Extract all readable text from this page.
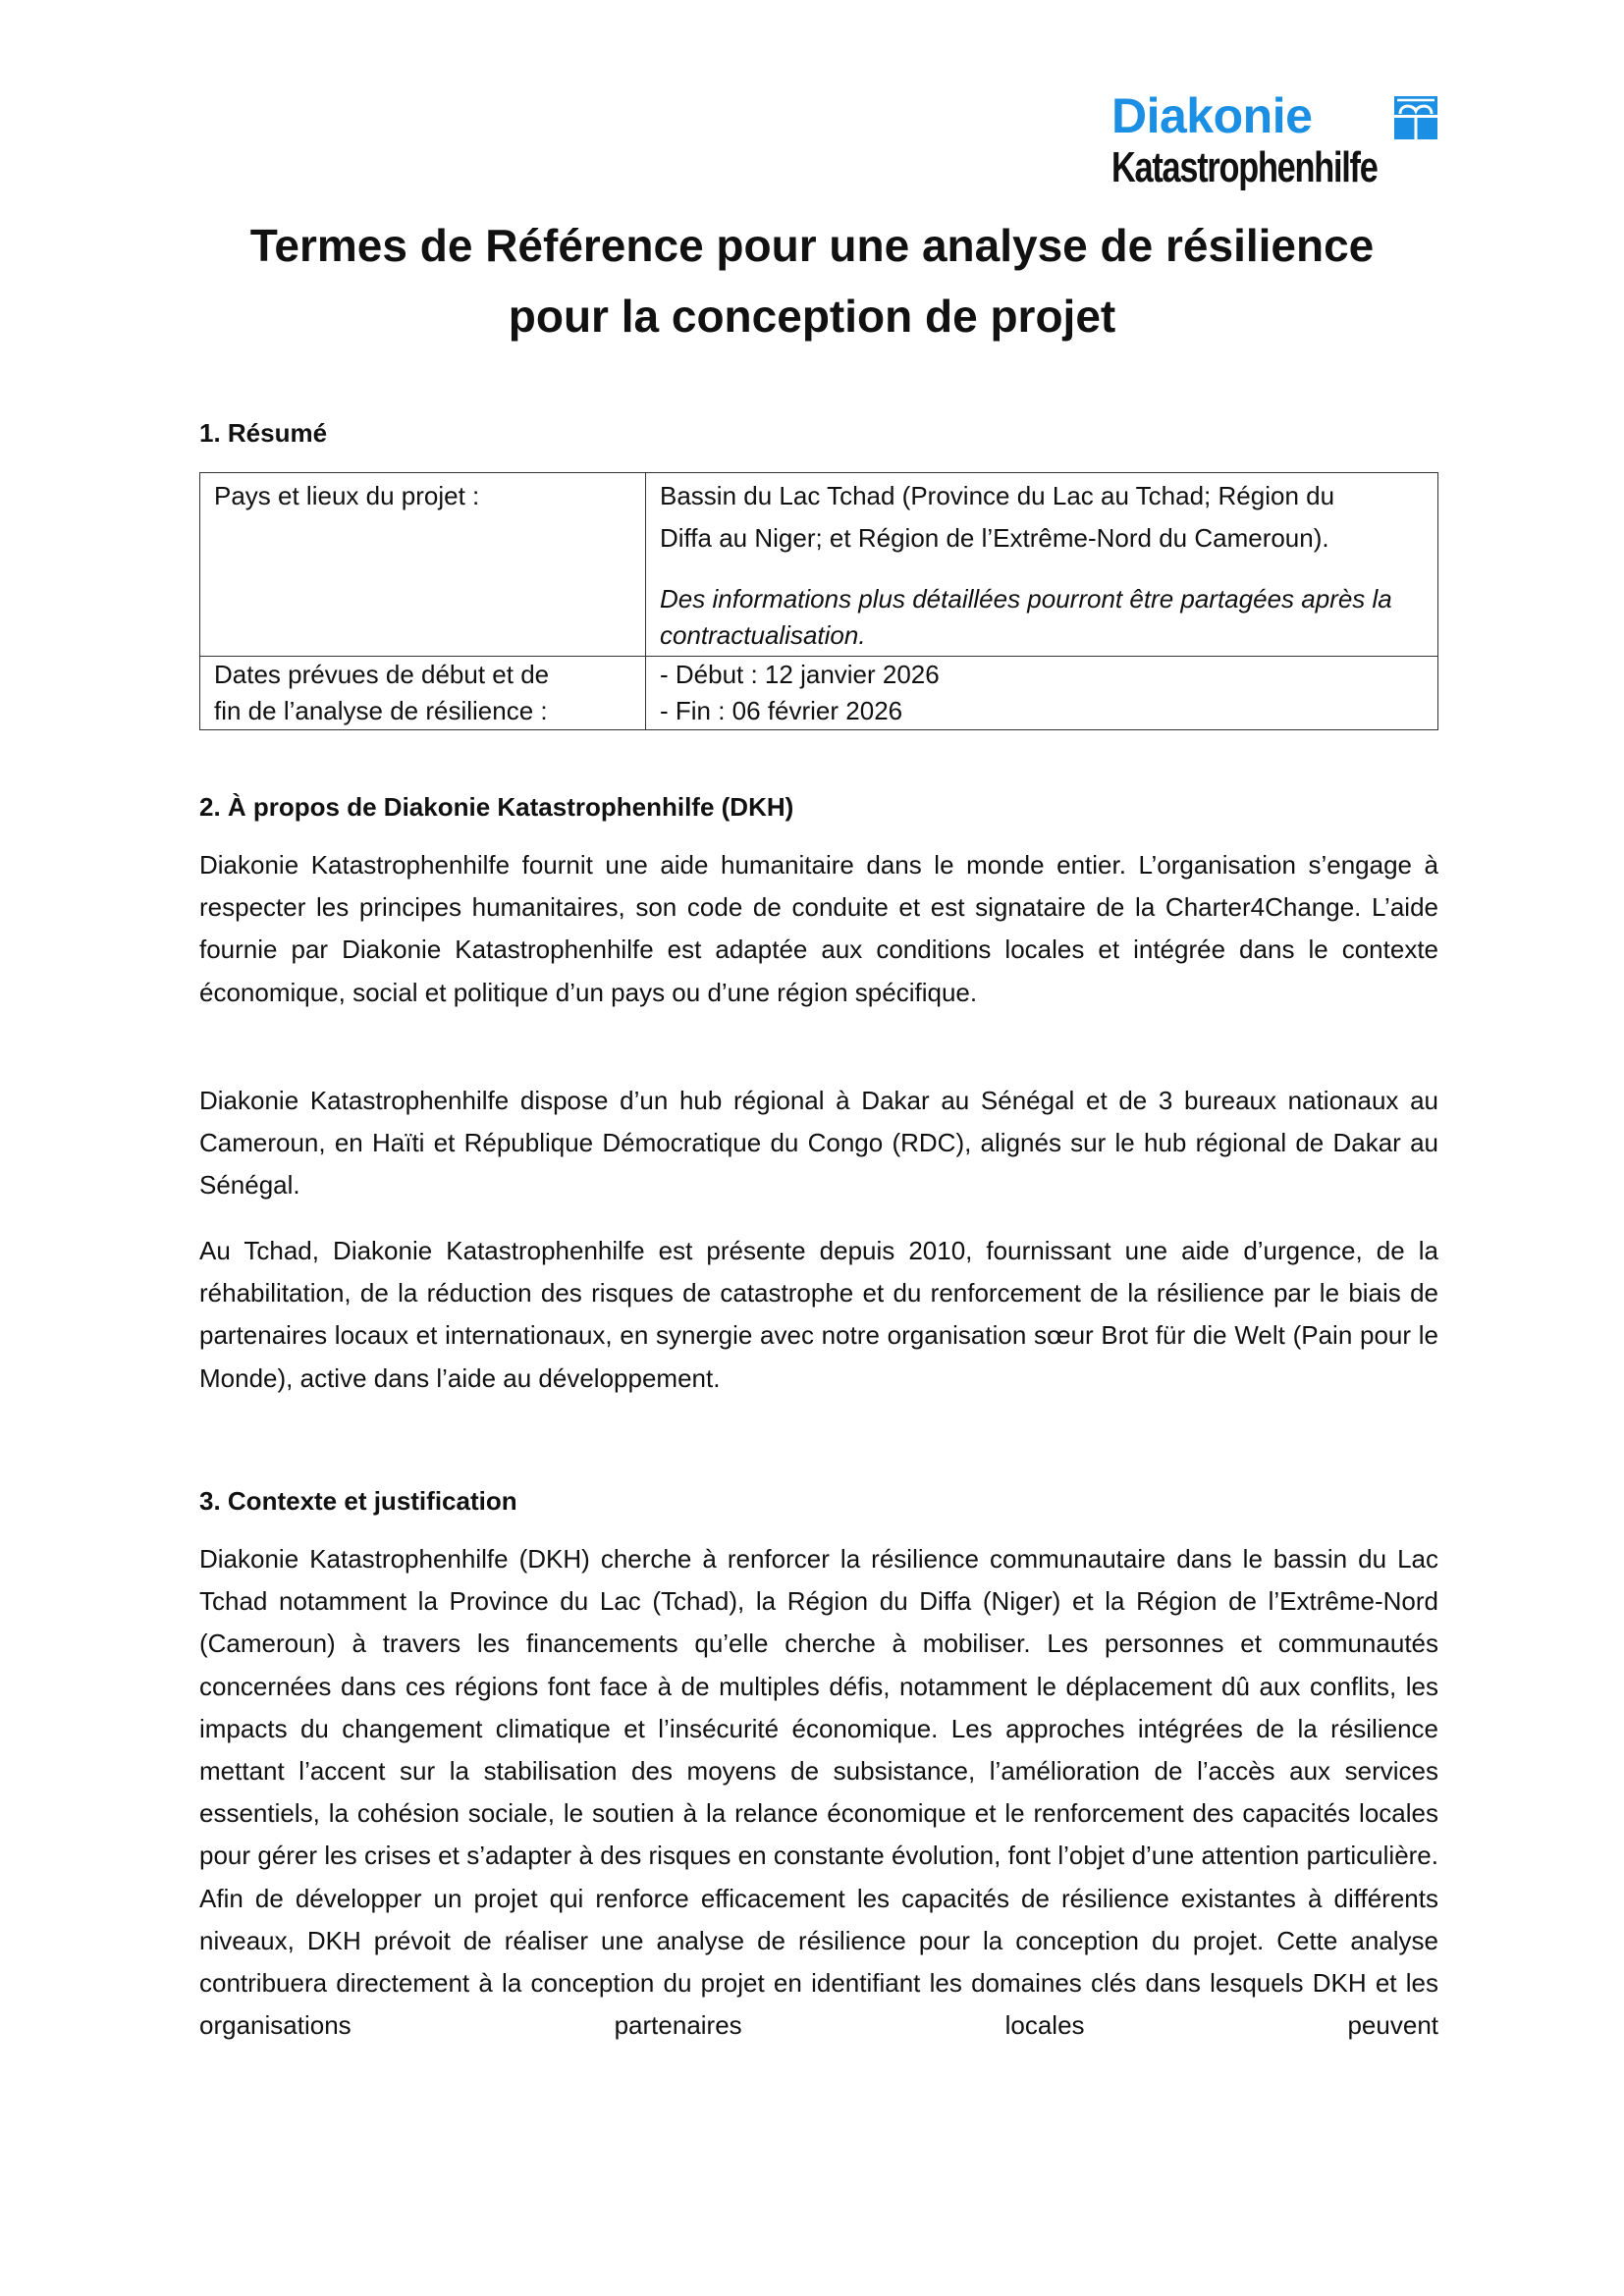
Diakonie
Katastrophenhilfe
Termes de Référence pour une analyse de résilience
pour la conception de projet
1. Résumé
Pays et lieux du projet :	Bassin du Lac Tchad (Province du Lac au Tchad; Région du
Diffa au Niger; et Région de l’Extrême-Nord du Cameroun).
Des informations plus détaillées pourront être partagées après la contractualisation.

Dates prévues de début et de
fin de l’analyse de résilience :	- Début : 12 janvier 2026
- Fin : 06 février 2026
2. À propos de Diakonie Katastrophenhilfe (DKH)

Diakonie Katastrophenhilfe fournit une aide humanitaire dans le monde entier. L’organisation s’engage à respecter les principes humanitaires, son code de conduite et est signataire de la Charter4Change. L’aide fournie par Diakonie Katastrophenhilfe est adaptée aux conditions locales et intégrée dans le contexte économique, social et politique d’un pays ou d’une région spécifique.

Diakonie Katastrophenhilfe dispose d’un hub régional à Dakar au Sénégal et de 3 bureaux nationaux au Cameroun, en Haïti et République Démocratique du Congo (RDC), alignés sur le hub régional de Dakar au Sénégal.

Au Tchad, Diakonie Katastrophenhilfe est présente depuis 2010, fournissant une aide d’urgence, de la réhabilitation, de la réduction des risques de catastrophe et du renforcement de la résilience par le biais de partenaires locaux et internationaux, en synergie avec notre organisation sœur Brot für die Welt (Pain pour le Monde), active dans l’aide au développement.

3. Contexte et justification

Diakonie Katastrophenhilfe (DKH) cherche à renforcer la résilience communautaire dans le bassin du Lac Tchad notamment la Province du Lac (Tchad), la Région du Diffa (Niger) et la Région de l’Extrême-Nord (Cameroun) à travers les financements qu’elle cherche à mobiliser. Les personnes et communautés concernées dans ces régions font face à de multiples défis, notamment le déplacement dû aux conflits, les impacts du changement climatique et l’insécurité économique. Les approches intégrées de la résilience mettant l’accent sur la stabilisation des moyens de subsistance, l’amélioration de l’accès aux services essentiels, la cohésion sociale, le soutien à la relance économique et le renforcement des capacités locales pour gérer les crises et s’adapter à des risques en constante évolution, font l’objet d’une attention particulière. Afin de développer un projet qui renforce efficacement les capacités de résilience existantes à différents niveaux, DKH prévoit de réaliser une analyse de résilience pour la conception du projet. Cette analyse contribuera directement à la conception du projet en identifiant les domaines clés dans lesquels DKH et les organisations partenaires locales peuvent
